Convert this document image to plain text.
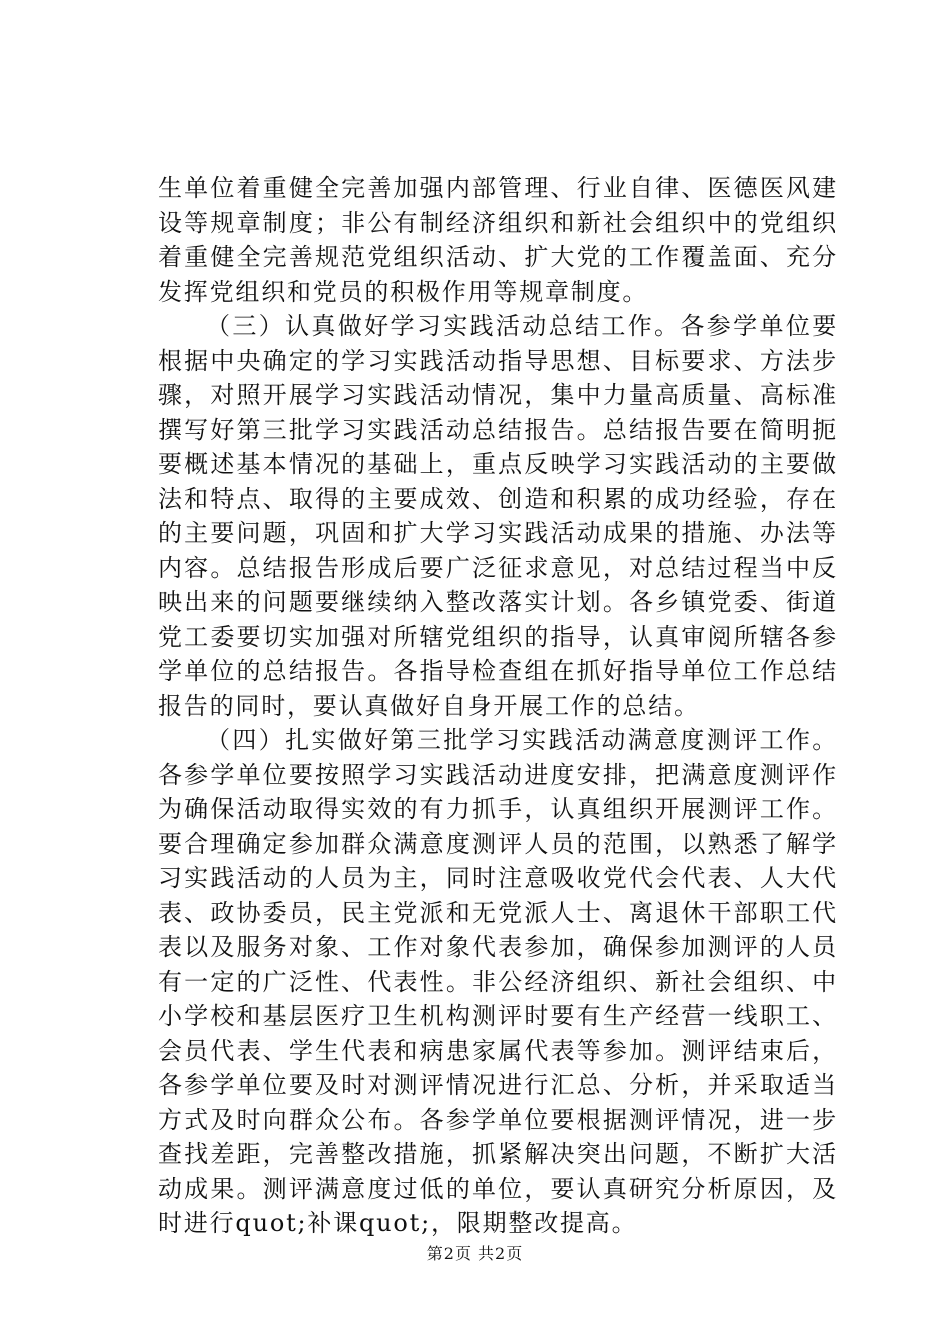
生单位着重健全完善加强内部管理、行业自律、医德医风建设等规章制度；非公有制经济组织和新社会组织中的党组织着重健全完善规范党组织活动、扩大党的工作覆盖面、充分发挥党组织和党员的积极作用等规章制度。

（三）认真做好学习实践活动总结工作。各参学单位要根据中央确定的学习实践活动指导思想、目标要求、方法步骤，对照开展学习实践活动情况，集中力量高质量、高标准撰写好第三批学习实践活动总结报告。总结报告要在简明扼要概述基本情况的基础上，重点反映学习实践活动的主要做法和特点、取得的主要成效、创造和积累的成功经验，存在的主要问题，巩固和扩大学习实践活动成果的措施、办法等内容。总结报告形成后要广泛征求意见，对总结过程当中反映出来的问题要继续纳入整改落实计划。各乡镇党委、街道党工委要切实加强对所辖党组织的指导，认真审阅所辖各参学单位的总结报告。各指导检查组在抓好指导单位工作总结报告的同时，要认真做好自身开展工作的总结。

（四）扎实做好第三批学习实践活动满意度测评工作。各参学单位要按照学习实践活动进度安排，把满意度测评作为确保活动取得实效的有力抓手，认真组织开展测评工作。要合理确定参加群众满意度测评人员的范围，以熟悉了解学习实践活动的人员为主，同时注意吸收党代会代表、人大代表、政协委员，民主党派和无党派人士、离退休干部职工代表以及服务对象、工作对象代表参加，确保参加测评的人员有一定的广泛性、代表性。非公经济组织、新社会组织、中小学校和基层医疗卫生机构测评时要有生产经营一线职工、会员代表、学生代表和病患家属代表等参加。测评结束后，各参学单位要及时对测评情况进行汇总、分析，并采取适当方式及时向群众公布。各参学单位要根据测评情况，进一步查找差距，完善整改措施，抓紧解决突出问题，不断扩大活动成果。测评满意度过低的单位，要认真研究分析原因，及时进行quot;补课quot;，限期整改提高。

第2页 共2页
